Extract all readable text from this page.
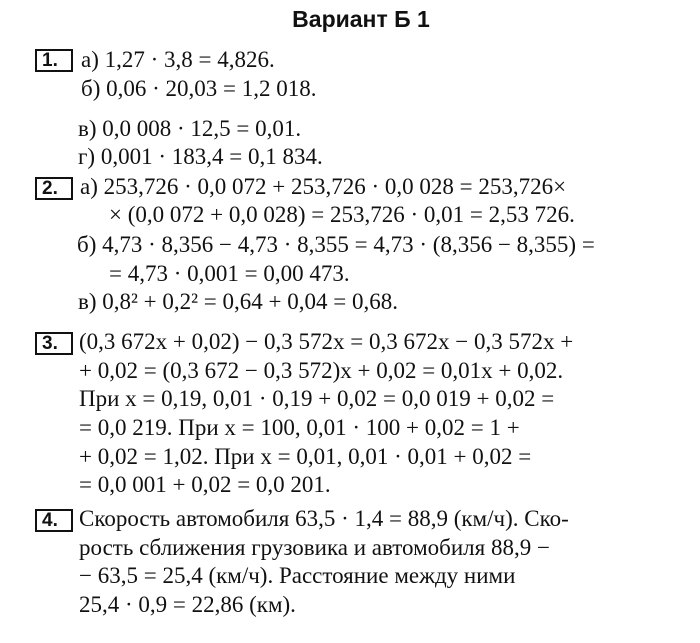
Вариант Б 1
1.	а) 1,27 · 3,8 = 4,826.
б) 0,06 · 20,03 = 1,2 018.
в) 0,0 008 · 12,5 = 0,01.
г) 0,001 · 183,4 = 0,1 834.
2. а) 253,726 · 0,0 072 + 253,726 · 0,0 028 = 253,726×
× (0,0 072 + 0,0 028) = 253,726 · 0,01 = 2,53 726.
б) 4,73 · 8,356 − 4,73 · 8,355 = 4,73 · (8,356 − 8,355) =
= 4,73 · 0,001 = 0,00 473.
в) 0,8² + 0,2² = 0,64 + 0,04 = 0,68.
3. (0,3 672x + 0,02) − 0,3 572x = 0,3 672x − 0,3 572x +
+ 0,02 = (0,3 672 − 0,3 572)x + 0,02 = 0,01x + 0,02.
При x = 0,19, 0,01 · 0,19 + 0,02 = 0,0 019 + 0,02 =
= 0,0 219. При x = 100, 0,01 · 100 + 0,02 = 1 +
+ 0,02 = 1,02. При x = 0,01, 0,01 · 0,01 + 0,02 =
= 0,0 001 + 0,02 = 0,0 201.
4. Скорость автомобиля 63,5 · 1,4 = 88,9 (км/ч). Ско-
рость сближения грузовика и автомобиля 88,9 −
− 63,5 = 25,4 (км/ч). Расстояние между ними
25,4 · 0,9 = 22,86 (км).
